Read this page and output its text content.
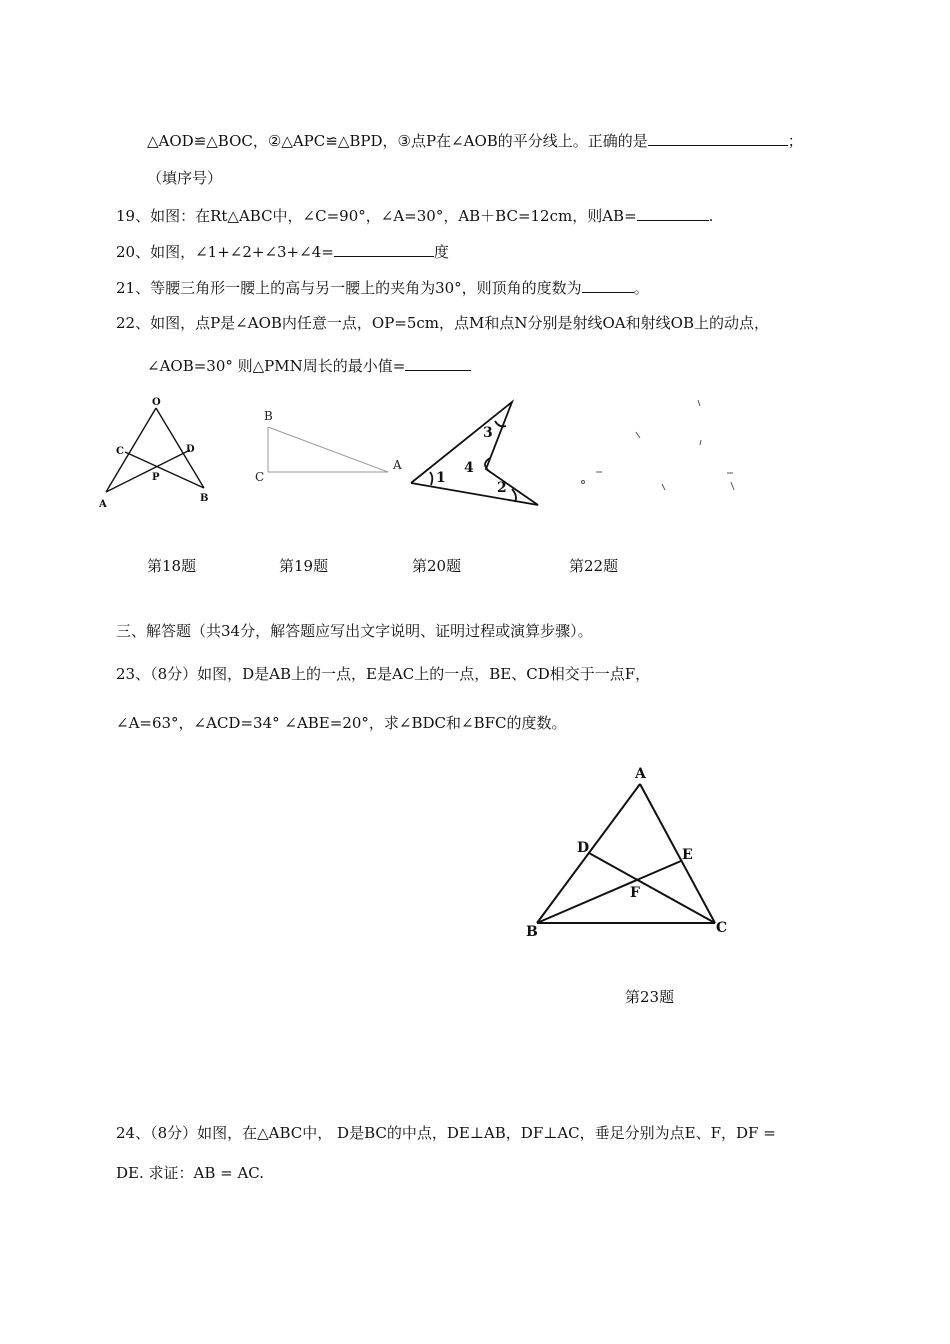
△AOD≌△BOC，②△APC≌△BPD，③点P在∠AOB的平分线上。正确的是	；
（填序号）
19、如图：在Rt△ABC中，∠C=90°，∠A=30°，AB＋BC=12cm，则AB=	.
20、如图，∠1+∠2+∠3+∠4=	度
21、等腰三角形一腰上的高与另一腰上的夹角为30°，则顶角的度数为	。
22、如图，点P是∠AOB内任意一点，OP=5cm，点M和点N分别是射线OA和射线OB上的动点，
∠AOB=30° 则△PMN周长的最小值=
O
C	D
P
A
B
B
C
A
1
2
3
4
第18题	第19题	第20题	第22题
三、解答题（共34分，解答题应写出文字说明、证明过程或演算步骤）。
23、（8分）如图，D是AB上的一点，E是AC上的一点，BE、CD相交于一点F，
∠A=63°，∠ACD=34° ∠ABE=20°，求∠BDC和∠BFC的度数。
A
B	C
D	E
F
第23题
24、（8分）如图，在△ABC中， D是BC的中点，DE⊥AB，DF⊥AC，垂足分别为点E、F，DF =
DE. 求证：AB = AC.
